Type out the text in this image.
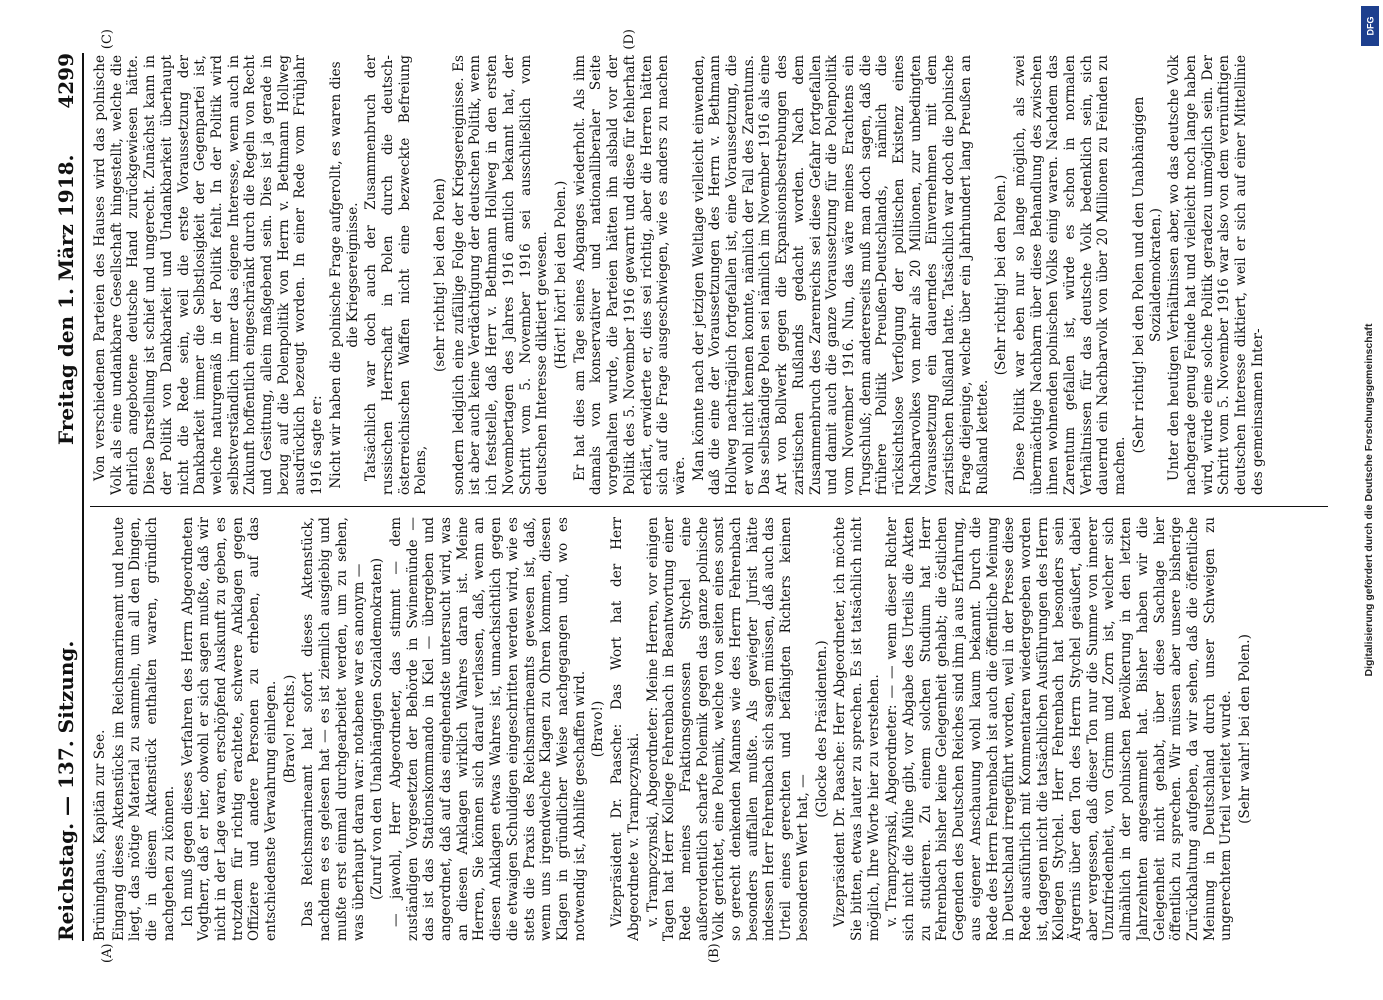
Reichstag. — 137. Sitzung.
Freitag den 1. März 1918.
4299
(A)	(B)
(C)	(D)

Brüninghaus, Kapitän zur See. Eingang dieses Aktenstücks im Reichsmarineamt und heute liegt, das nötige Material zu sammeln, um all den Dingen, die in diesem Aktenstück enthalten waren, gründlich nachgehen zu können. Ich muß gegen dieses Verfahren des Herrn Abgeordneten Vogtherr, daß er hier, obwohl er sich sagen mußte, daß wir nicht in der Lage waren, erschöpfend Auskunft zu geben, es trotzdem für richtig erachtete, schwere Anklagen gegen Offiziere und andere Personen zu erheben, auf das entschiedenste Verwahrung einlegen. (Bravo! rechts.) Das Reichsmarineamt hat sofort dieses Aktenstück, nachdem es es gelesen hat — es ist ziemlich ausgiebig und mußte erst einmal durchgearbeitet werden, um zu sehen, was überhaupt daran war: notabene war es anonym — (Zuruf von den Unabhängigen Sozialdemokraten) — jawohl, Herr Abgeordneter, das stimmt — dem zuständigen Vorgesetzten der Behörde in Swinemünde — das ist das Stationskommando in Kiel — übergeben und angeordnet, daß auf das eingehendste untersucht wird, was an diesen Anklagen wirklich Wahres daran ist. Meine Herren, Sie können sich darauf verlassen, daß, wenn an diesen Anklagen etwas Wahres ist, unnachsichtlich gegen die etwaigen Schuldigen eingeschritten werden wird, wie es stets die Praxis des Reichsmarineamts gewesen ist, daß, wenn uns irgendwelche Klagen zu Ohren kommen, diesen Klagen in gründlicher Weise nachgegangen und, wo es notwendig ist, Abhilfe geschaffen wird. (Bravo!) Vizepräsident Dr. Paasche: Das Wort hat der Herr Abgeordnete v. Trampczynski. v. Trampczynski, Abgeordneter: Meine Herren, vor einigen Tagen hat Herr Kollege Fehrenbach in Beantwortung einer Rede meines Fraktionsgenossen Stychel eine außerordentlich scharfe Polemik gegen das ganze polnische Volk gerichtet, eine Polemik, welche von seiten eines sonst so gerecht denkenden Mannes wie des Herrn Fehrenbach besonders auffallen mußte. Als gewiegter Jurist hätte indessen Herr Fehrenbach sich sagen müssen, daß auch das Urteil eines gerechten und befähigten Richters keinen besonderen Wert hat, —

(Glocke des Präsidenten.) Vizepräsident Dr. Paasche: Herr Abgeordneter, ich möchte Sie bitten, etwas lauter zu sprechen. Es ist tatsächlich nicht möglich, Ihre Worte hier zu verstehen. v. Trampczynski, Abgeordneter: — — wenn dieser Richter sich nicht die Mühe gibt, vor Abgabe des Urteils die Akten zu studieren. Zu einem solchen Studium hat Herr Fehrenbach bisher keine Gelegenheit gehabt; die östlichen Gegenden des Deutschen Reiches sind ihm ja aus Erfahrung, aus eigener Anschauung wohl kaum bekannt. Durch die Rede des Herrn Fehrenbach ist auch die öffentliche Meinung in Deutschland irregeführt worden, weil in der Presse diese Rede ausführlich mit Kommentaren wiedergegeben worden ist, dagegen nicht die tatsächlichen Ausführungen des Herrn Kollegen Stychel. Herr Fehrenbach hat besonders sein Ärgernis über den Ton des Herrn Stychel geäußert, dabei aber vergessen, daß dieser Ton nur die Summe von innerer Unzufriedenheit, von Grimm und Zorn ist, welcher sich allmählich in der polnischen Bevölkerung in den letzten Jahrzehnten angesammelt hat. Bisher haben wir die Gelegenheit nicht gehabt, über diese Sachlage hier öffentlich zu sprechen. Wir müssen aber unsere bisherige Zurückhaltung aufgeben, da wir sehen, daß die öffentliche Meinung in Deutschland durch unser Schweigen zu ungerechtem Urteil verleitet wurde. (Sehr wahr! bei den Polen.)

Von verschiedenen Parteien des Hauses wird das polnische Volk als eine undankbare Gesellschaft hingestellt, welche die ehrlich angebotene deutsche Hand zurückgewiesen hätte. Diese Darstellung ist schief und ungerecht. Zunächst kann in der Politik von Dankbarkeit und Undankbarkeit überhaupt nicht die Rede sein, weil die erste Voraussetzung der Dankbarkeit immer die Selbstlosigkeit der Gegenpartei ist, welche naturgemäß in der Politik fehlt. In der Politik wird selbstverständlich immer das eigene Interesse, wenn auch in Zukunft hoffentlich eingeschränkt durch die Regeln von Recht und Gesittung, allein maßgebend sein. Dies ist ja gerade in bezug auf die Polenpolitik von Herrn v. Bethmann Hollweg ausdrücklich bezeugt worden. In einer Rede vom Frühjahr 1916 sagte er: Nicht wir haben die polnische Frage aufgerollt, es waren dies die Kriegsereignisse. Tatsächlich war doch auch der Zusammenbruch der russischen Herrschaft in Polen durch die deutsch-österreichischen Waffen nicht eine bezweckte Befreiung Polens,

(sehr richtig! bei den Polen) sondern lediglich eine zufällige Folge der Kriegsereignisse. Es ist aber auch keine Verdächtigung der deutschen Politik, wenn ich feststelle, daß Herr v. Bethmann Hollweg in den ersten Novembertagen des Jahres 1916 amtlich bekannt hat, der Schritt vom 5. November 1916 sei ausschließlich vom deutschen Interesse diktiert gewesen. (Hört! hört! bei den Polen.) Er hat dies am Tage seines Abganges wiederholt. Als ihm damals von konservativer und nationalliberaler Seite vorgehalten wurde, die Parteien hätten ihn alsbald vor der Politik des 5. November 1916 gewarnt und diese für fehlerhaft erklärt, erwiderte er, dies sei richtig, aber die Herren hätten sich auf die Frage ausgeschwiegen, wie es anders zu machen wäre. Man könnte nach der jetzigen Weltlage vielleicht einwenden, daß die eine der Voraussetzungen des Herrn v. Bethmann Hollweg nachträglich fortgefallen ist, eine Voraussetzung, die er wohl nicht kennen konnte, nämlich der Fall des Zarentums. Das selbständige Polen sei nämlich im November 1916 als eine Art von Bollwerk gegen die Expansionsbestrebungen des zaristischen Rußlands gedacht worden. Nach dem Zusammenbruch des Zarenreichs sei diese Gefahr fortgefallen und damit auch die ganze Voraussetzung für die Polenpolitik vom November 1916. Nun, das wäre meines Erachtens ein Trugschluß; denn andererseits muß man doch sagen, daß die frühere Politik Preußen-Deutschlands, nämlich die rücksichtslose Verfolgung der politischen Existenz eines Nachbarvolkes von mehr als 20 Millionen, zur unbedingten Voraussetzung ein dauerndes Einvernehmen mit dem zaristischen Rußland hatte. Tatsächlich war doch die polnische Frage diejenige, welche über ein Jahrhundert lang Preußen an Rußland kettete.

(Sehr richtig! bei den Polen.) Diese Politik war eben nur so lange möglich, als zwei übermächtige Nachbarn über diese Behandlung des zwischen ihnen wohnenden polnischen Volks einig waren. Nachdem das Zarentum gefallen ist, würde es schon in normalen Verhältnissen für das deutsche Volk bedenklich sein, sich dauernd ein Nachbarvolk von über 20 Millionen zu Feinden zu machen.

(Sehr richtig! bei den Polen und den Unabhängigen Sozialdemokraten.) Unter den heutigen Verhältnissen aber, wo das deutsche Volk nachgerade genug Feinde hat und vielleicht noch lange haben wird, würde eine solche Politik geradezu unmöglich sein. Der Schritt vom 5. November 1916 war also von dem vernünftigen deutschen Interesse diktiert, weil er sich auf einer Mittellinie des gemeinsamen Inter-	Digitalisierung gefördert durch die Deutsche Forschungsgemeinschaft
DFG
